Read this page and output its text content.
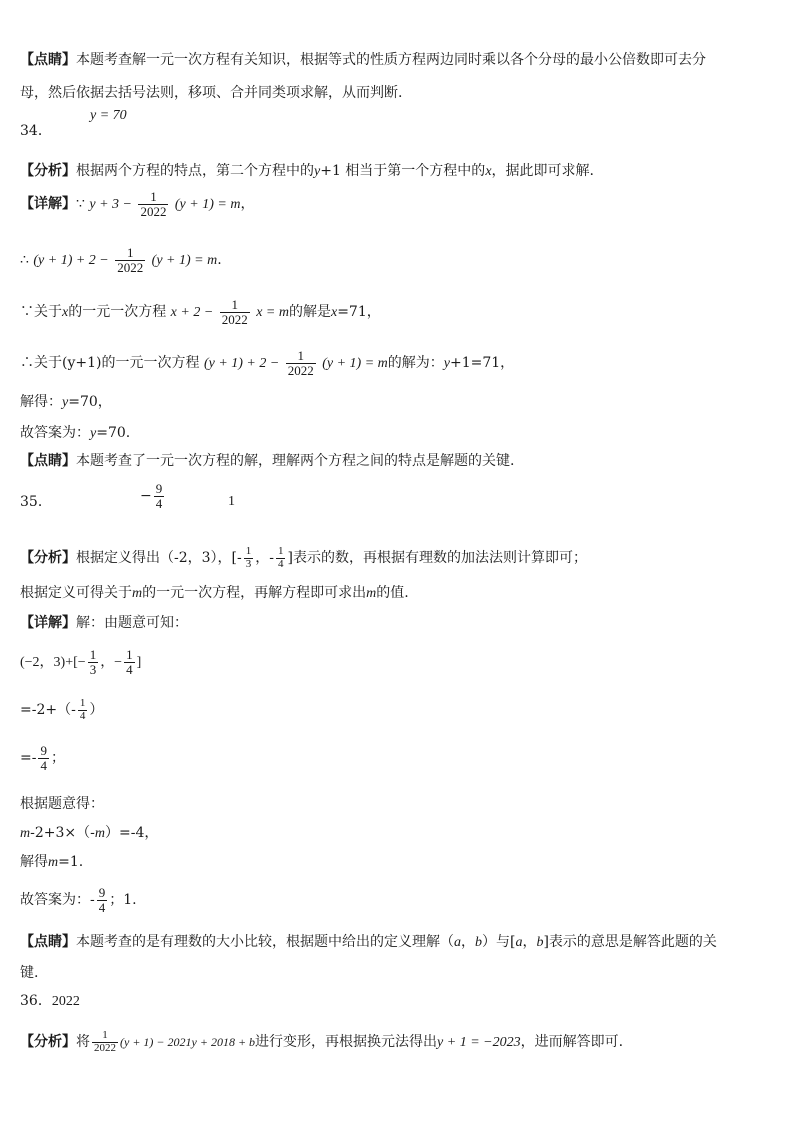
【点睛】本题考查解一元一次方程有关知识，根据等式的性质方程两边同时乘以各个分母的最小公倍数即可去分
母，然后依据去括号法则，移项、合并同类项求解，从而判断.
y = 70
34．
【分析】根据两个方程的特点，第二个方程中的y+1 相当于第一个方程中的x，据此即可求解.
【详解】∵ $y + 3 - \frac{1}{2022} (y + 1) = m$，
∴ $(y + 1) + 2 - \frac{1}{2022} (y + 1) = m$.
∵关于x的一元一次方程 $x + 2 - \frac{1}{2022}$ x = m的解是x=71，
∴关于(y+1)的一元一次方程 $(y + 1) + 2 - \frac{1}{2022} (y + 1) = m$的解为：y+1=71，
解得：y=70，
故答案为：y=70.
【点睛】本题考查了一元一次方程的解，理解两个方程之间的特点是解题的关键.
35．	− $\frac{9}{4}$	1
【分析】根据定义得出（-2，3），[- $\frac{1}{3}$ ，- $\frac{1}{4}$ ]表示的数，再根据有理数的加法法则计算即可；
根据定义可得关于m的一元一次方程，再解方程即可求出m的值.
【详解】解：由题意可知：
(−2，$3)+[- \frac{1}{3}$ ，− $\frac{1}{4}$ ]
$=-2+(- \frac{1}{4}$ ）
=- $\frac{9}{4}$ ；
根据题意得：
m-2+3×（-m）=-4，
解得m=1.
故答案为：- $\frac{9}{4}$ ；1.
【点睛】本题考查的是有理数的大小比较，根据题中给出的定义理解（a，b）与[a，b]表示的意思是解答此题的关
键.
36．2022
【分析】将 $\frac{1}{2022} (y + 1) - 2021y + 2018 + b$进行变形，再根据换元法得出y + 1 = −2023，进而解答即可.
